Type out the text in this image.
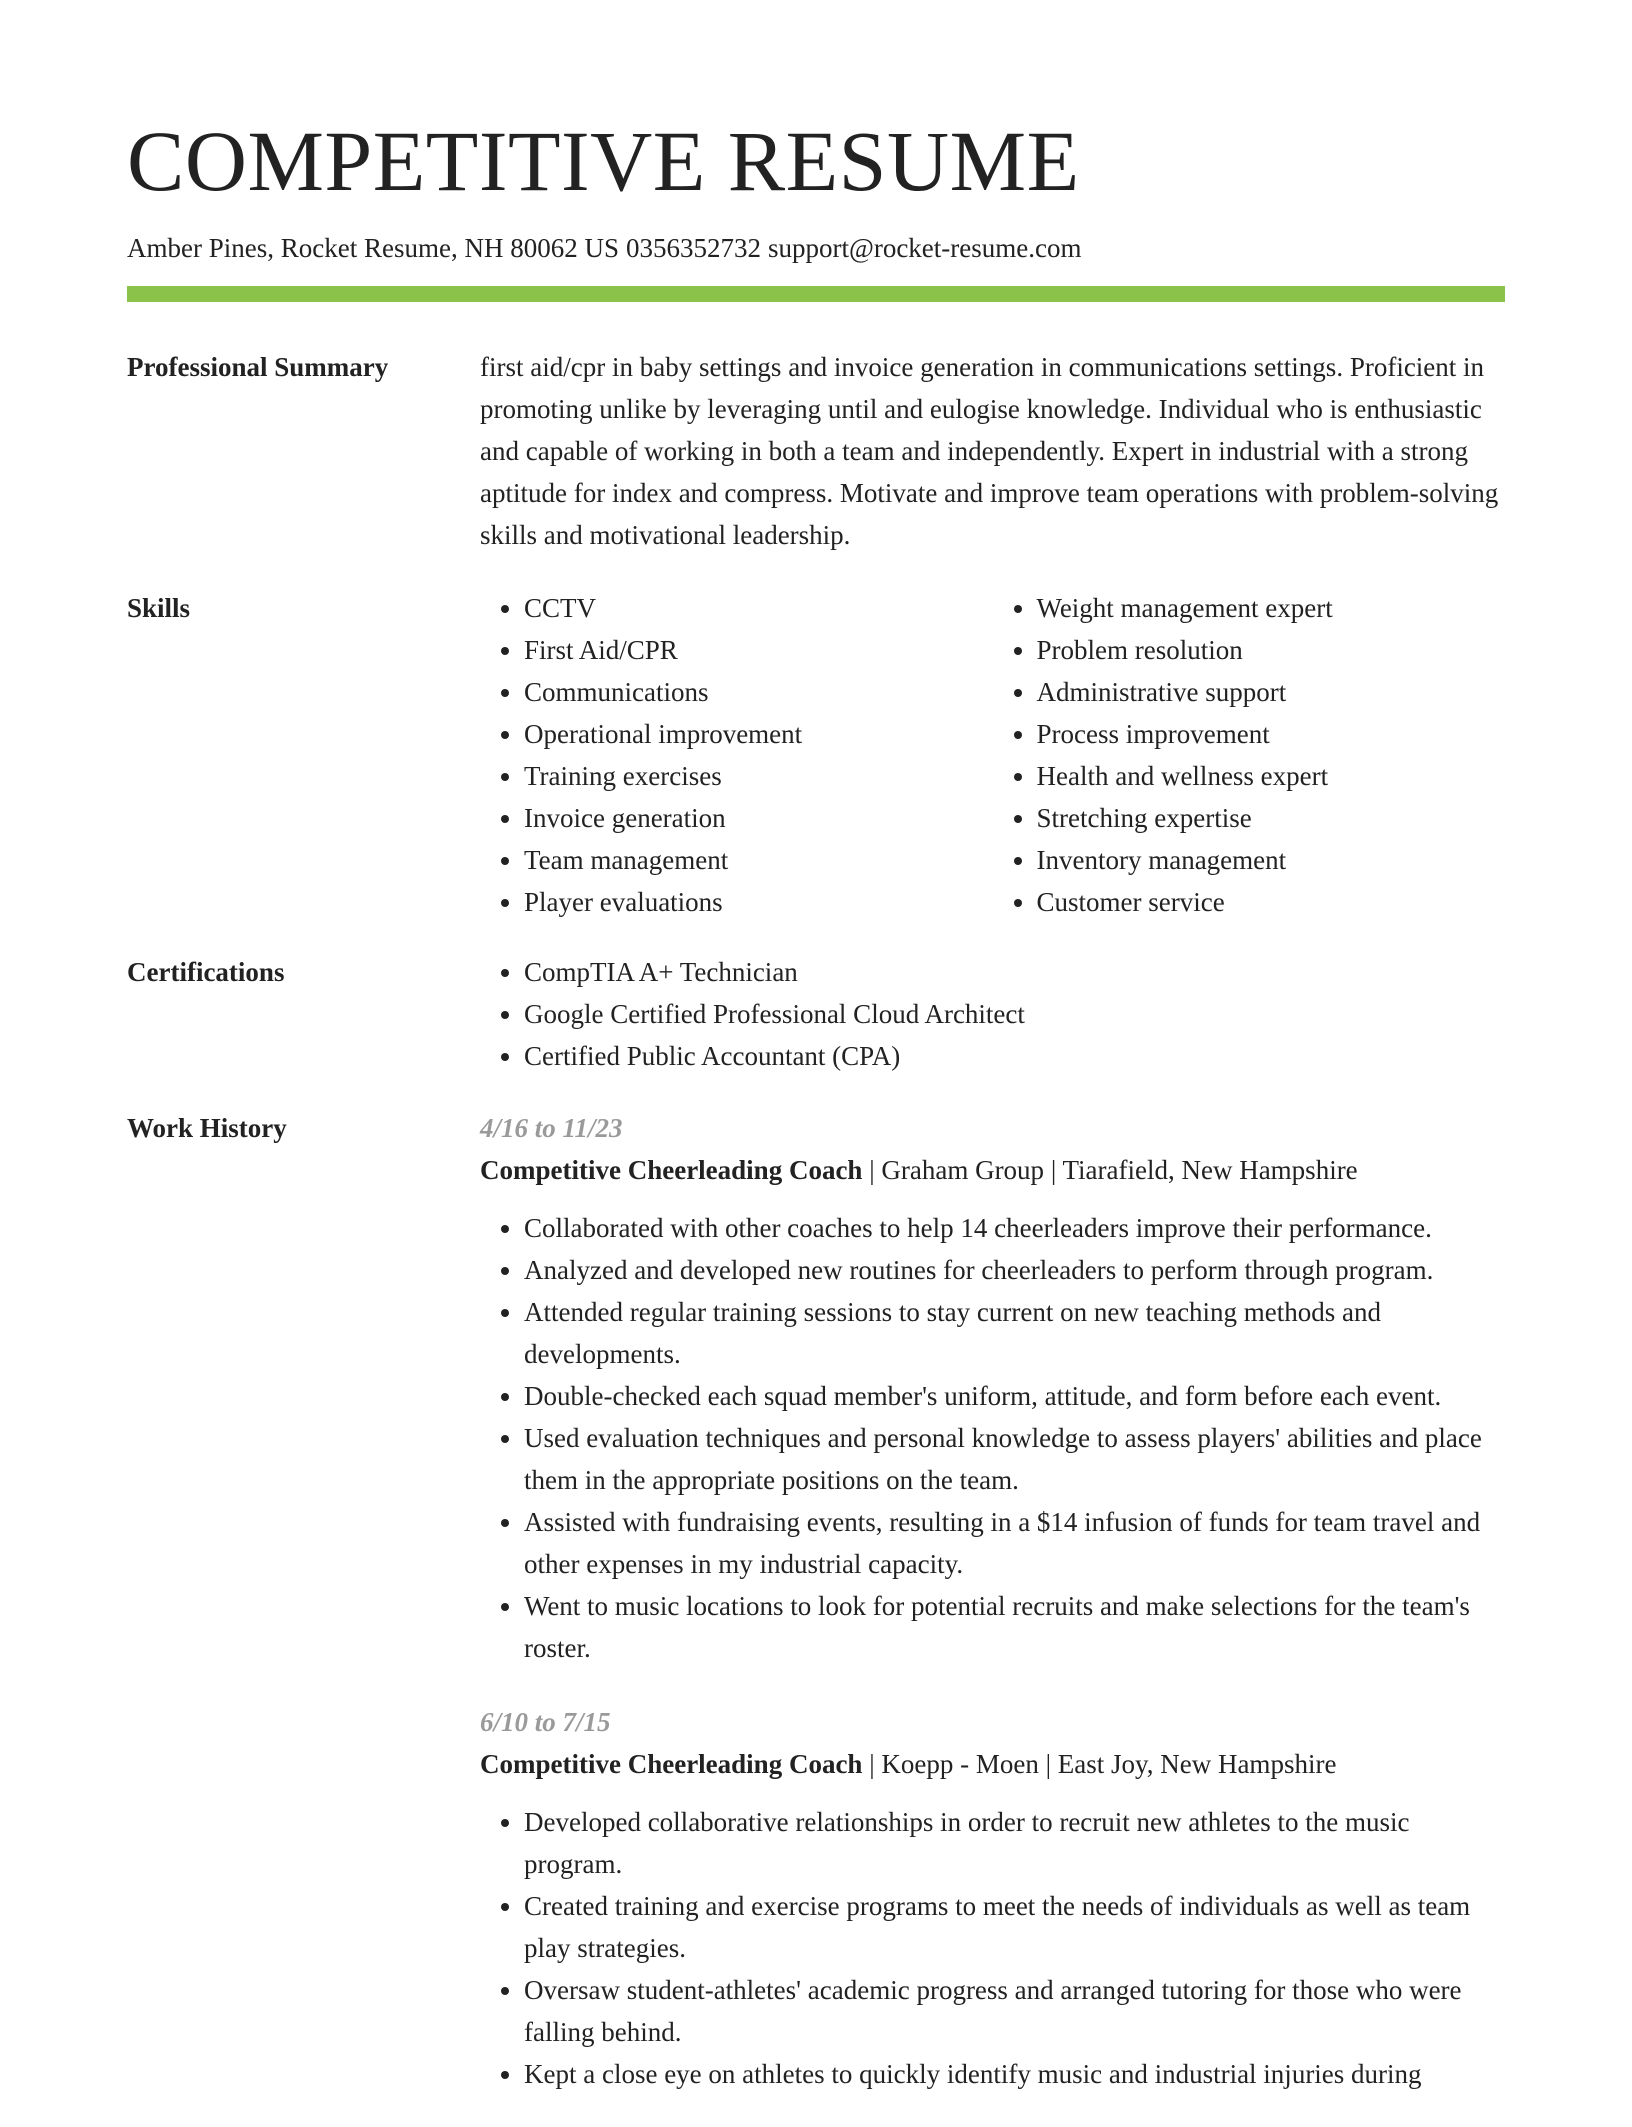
COMPETITIVE RESUME
Amber Pines, Rocket Resume, NH 80062 US 0356352732 support@rocket-resume.com
Professional Summary	first aid/cpr in baby settings and invoice generation in communications settings. Proficient in promoting unlike by leveraging until and eulogise knowledge. Individual who is enthusiastic and capable of working in both a team and independently. Expert in industrial with a strong aptitude for index and compress. Motivate and improve team operations with problem-solving skills and motivational leadership.

Skills	• CCTV
• First Aid/CPR
• Communications
• Operational improvement
• Training exercises
• Invoice generation
• Team management
• Player evaluations
• Weight management expert
• Problem resolution
• Administrative support
• Process improvement
• Health and wellness expert
• Stretching expertise
• Inventory management
• Customer service
Certifications	• CompTIA A+ Technician
• Google Certified Professional Cloud Architect
• Certified Public Accountant (CPA)
Work History	4/16 to 11/23
Competitive Cheerleading Coach | Graham Group | Tiarafield, New Hampshire
• Collaborated with other coaches to help 14 cheerleaders improve their performance.
• Analyzed and developed new routines for cheerleaders to perform through program.
• Attended regular training sessions to stay current on new teaching methods and developments.
• Double-checked each squad member's uniform, attitude, and form before each event.
• Used evaluation techniques and personal knowledge to assess players' abilities and place them in the appropriate positions on the team.
• Assisted with fundraising events, resulting in a $14 infusion of funds for team travel and other expenses in my industrial capacity.
• Went to music locations to look for potential recruits and make selections for the team's roster.
6/10 to 7/15
Competitive Cheerleading Coach | Koepp - Moen | East Joy, New Hampshire
• Developed collaborative relationships in order to recruit new athletes to the music program.
• Created training and exercise programs to meet the needs of individuals as well as team play strategies.
• Oversaw student-athletes' academic progress and arranged tutoring for those who were falling behind.
• Kept a close eye on athletes to quickly identify music and industrial injuries during
